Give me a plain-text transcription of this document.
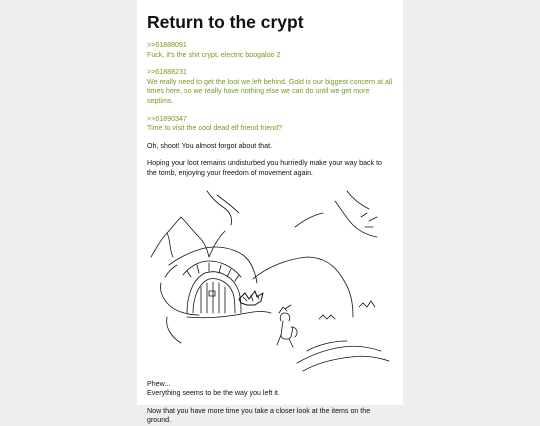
Return to the crypt
>>61888091
Fuck, it's the shit crypt, electric boogaloo 2
>>61888231
We really need to get the loot we left behind. Gold is our biggest concern at all times here, so we really have nothing else we can do until we get more septims.
>>61890347
Time to visit the cool dead elf friend friend?

Oh, shoot! You almost forgot about that.

Hoping your loot remains undisturbed you hurriedly make your way back to the tomb, enjoying your freedom of movement again.

Phew...

Everything seems to be the way you left it.

Now that you have more time you take a closer look at the items on the ground.
